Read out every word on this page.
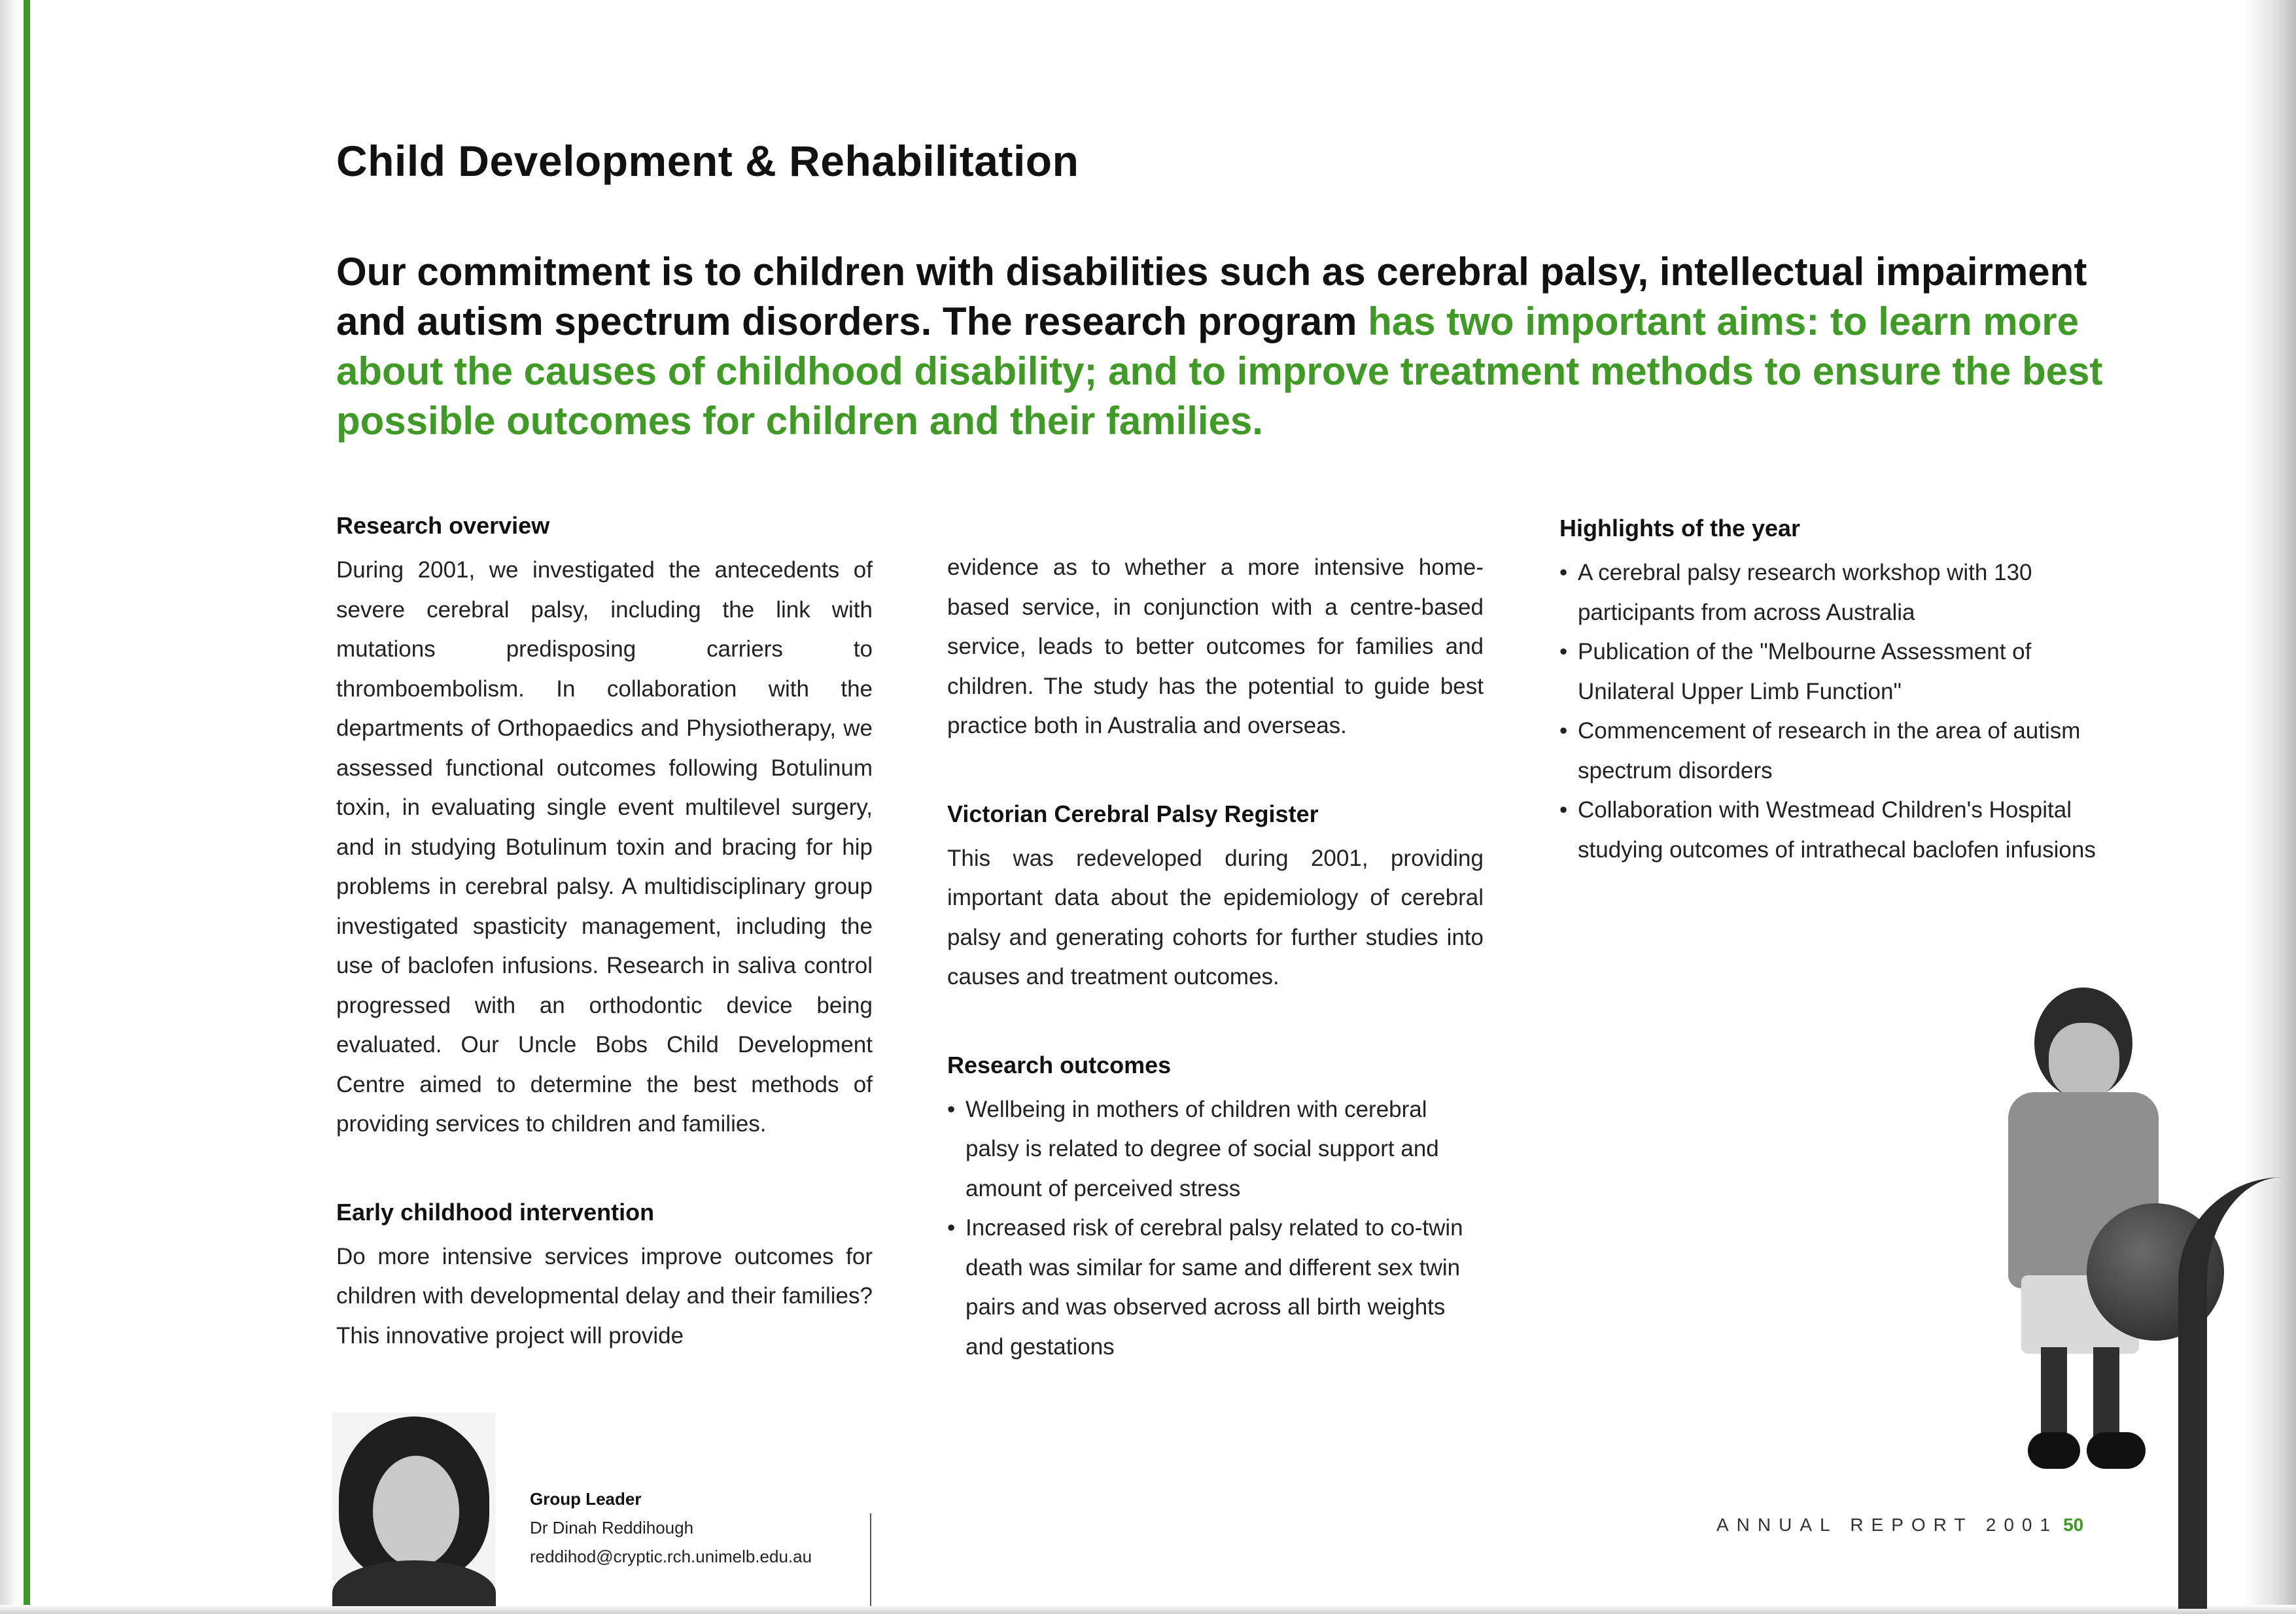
Child Development & Rehabilitation

Our commitment is to children with disabilities such as cerebral palsy, intellectual impairment and autism spectrum disorders. The research program has two important aims: to learn more about the causes of childhood disability; and to improve treatment methods to ensure the best possible outcomes for children and their families.

Research overview

During 2001, we investigated the antecedents of severe cerebral palsy, including the link with mutations predisposing carriers to thromboembolism. In collaboration with the departments of Orthopaedics and Physiotherapy, we assessed functional outcomes following Botulinum toxin, in evaluating single event multilevel surgery, and in studying Botulinum toxin and bracing for hip problems in cerebral palsy. A multidisciplinary group investigated spasticity management, including the use of baclofen infusions. Research in saliva control progressed with an orthodontic device being evaluated. Our Uncle Bobs Child Development Centre aimed to determine the best methods of providing services to children and families.

Early childhood intervention

Do more intensive services improve outcomes for children with developmental delay and their families? This innovative project will provide

evidence as to whether a more intensive home-based service, in conjunction with a centre-based service, leads to better outcomes for families and children. The study has the potential to guide best practice both in Australia and overseas.

Victorian Cerebral Palsy Register

This was redeveloped during 2001, providing important data about the epidemiology of cerebral palsy and generating cohorts for further studies into causes and treatment outcomes.

Research outcomes
• Wellbeing in mothers of children with cerebral palsy is related to degree of social support and amount of perceived stress
• Increased risk of cerebral palsy related to co-twin death was similar for same and different sex twin pairs and was observed across all birth weights and gestations
Highlights of the year
• A cerebral palsy research workshop with 130 participants from across Australia
• Publication of the "Melbourne Assessment of Unilateral Upper Limb Function"
• Commencement of research in the area of autism spectrum disorders
• Collaboration with Westmead Children's Hospital studying outcomes of intrathecal baclofen infusions
Group Leader
Dr Dinah Reddihough
reddihod@cryptic.rch.unimelb.edu.au
ANNUAL REPORT 2001 50
